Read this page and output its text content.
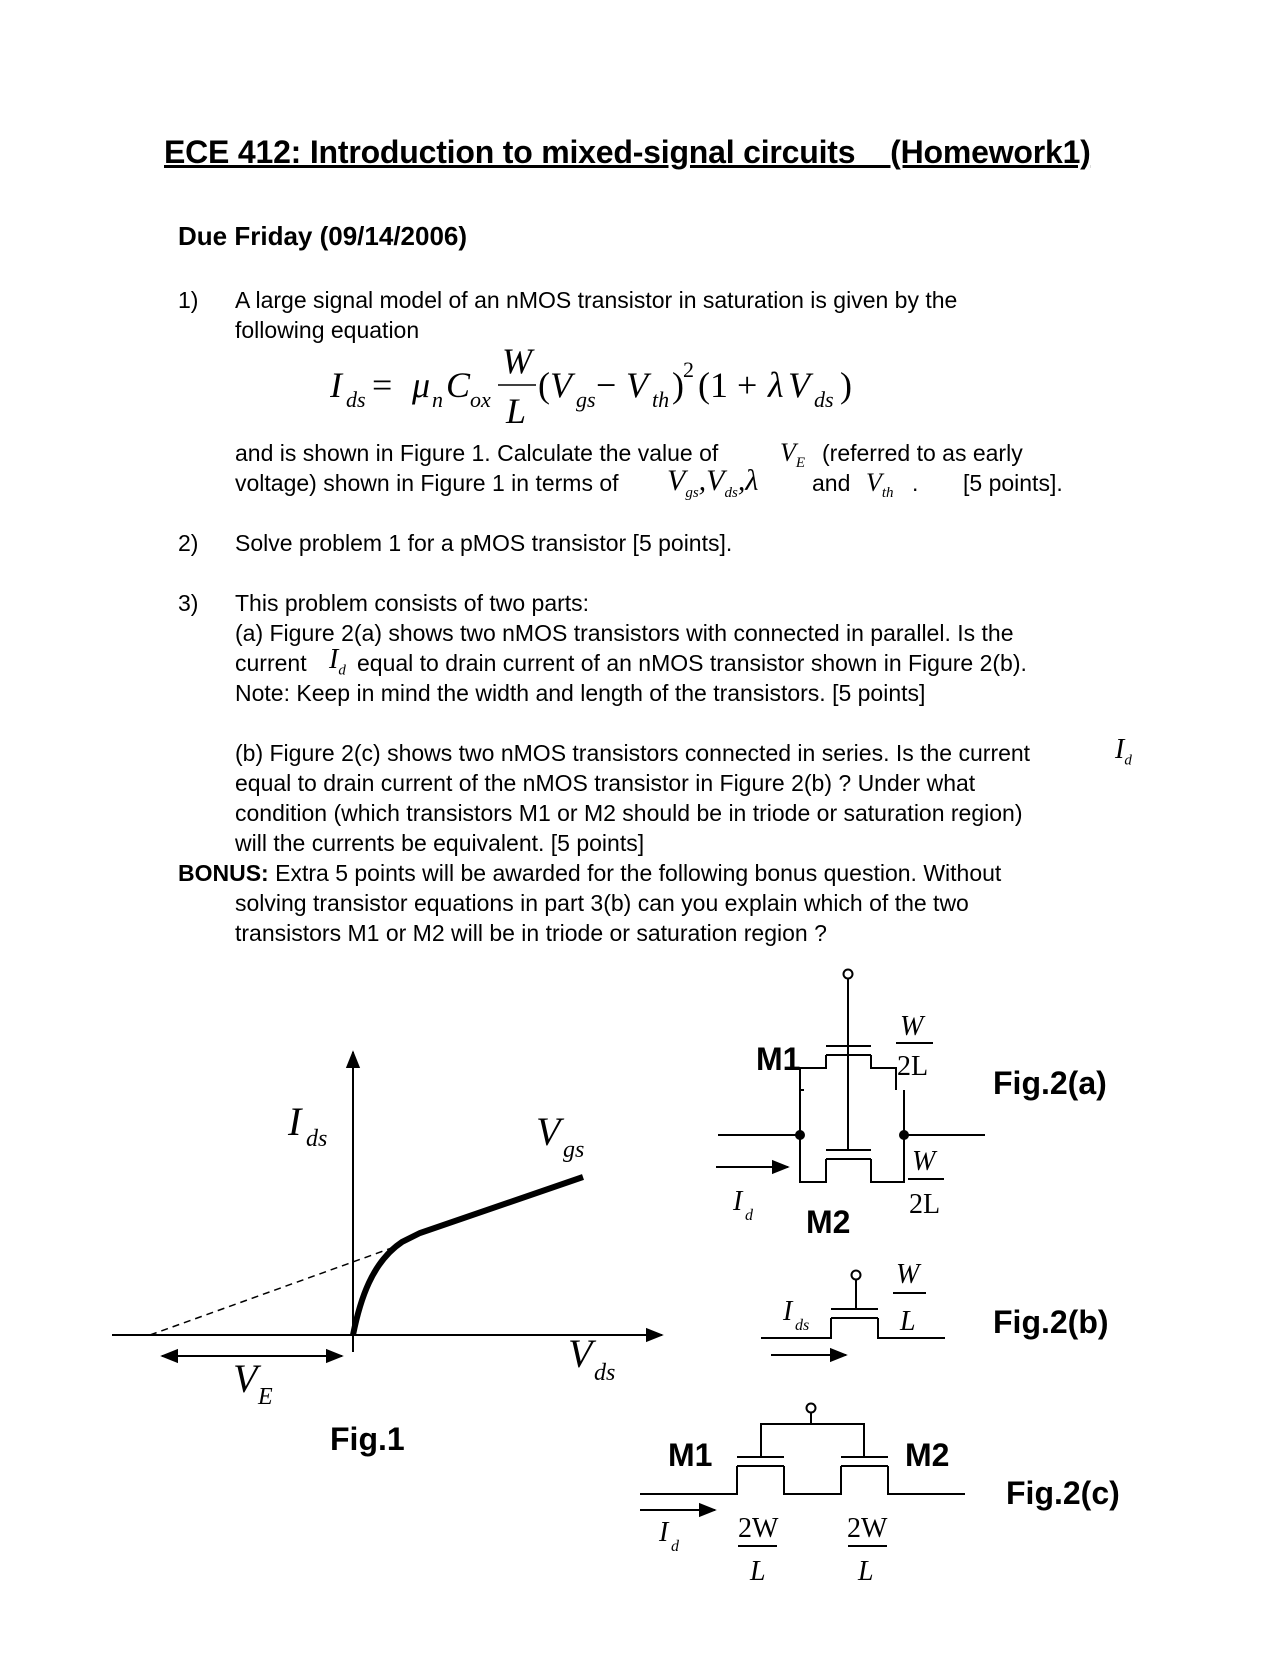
ECE 412: Introduction to mixed-signal circuits    (Homework1)
Due Friday (09/14/2006)
1) A large signal model of an nMOS transistor in saturation is given by the
following equation
I ds = μ n C ox
W
L
( V gs − V th ) 2 (1 + λ V ds )
and is shown in Figure 1. Calculate the value of $V_E$ (referred to as early
voltage) shown in Figure 1 in terms of $V_{gs},V_{ds},\lambda$ and $V_{th}$ . [5 points].
2) Solve problem 1 for a pMOS transistor [5 points].
3) This problem consists of two parts:
(a) Figure 2(a) shows two nMOS transistors with connected in parallel. Is the
current $I_d$ equal to drain current of an nMOS transistor shown in Figure 2(b).
Note: Keep in mind the width and length of the transistors. [5 points]
(b) Figure 2(c) shows two nMOS transistors connected in series. Is the current	$I_d$
equal to drain current of the nMOS transistor in Figure 2(b) ? Under what
condition (which transistors M1 or M2 should be in triode or saturation region)
will the currents be equivalent. [5 points]
BONUS: Extra 5 points will be awarded for the following bonus question. Without
solving transistor equations in part 3(b) can you explain which of the two
transistors M1 or M2 will be in triode or saturation region ?
I ds	V gs
V ds
V E
Fig.1
W
2L
W
2L
I d
M1
M2
Fig.2(a)
W
L
I ds	Fig.2(b)
2W
L
2W
L
I d
M1	M2
Fig.2(c)
